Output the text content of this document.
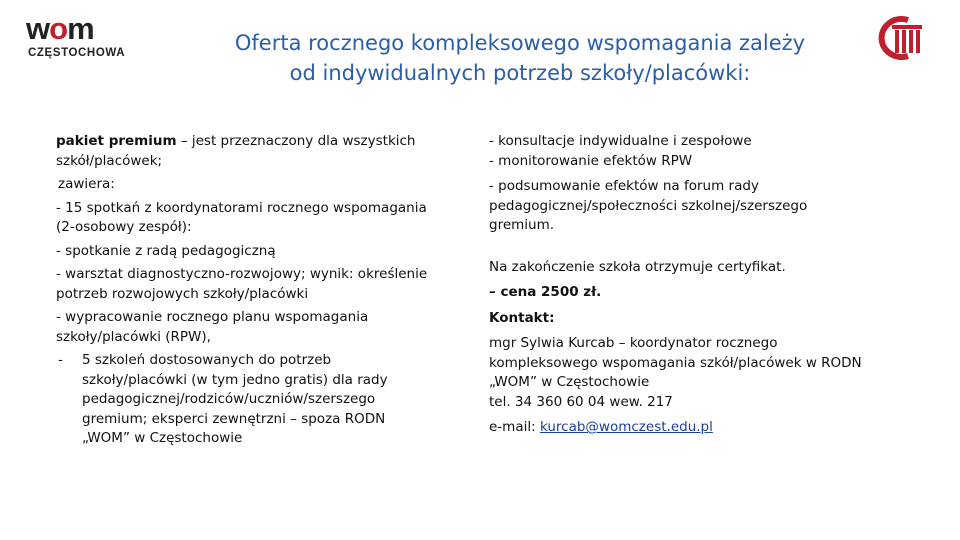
wom
CZĘSTOCHOWA	Oferta rocznego kompleksowego wspomagania zależy
od indywidualnych potrzeb szkoły/placówki:

pakiet premium – jest przeznaczony dla wszystkich

szkół/placówek;

zawiera:

- 15 spotkań z koordynatorami rocznego wspomagania

(2-osobowy zespół):

- spotkanie z radą pedagogiczną

- warsztat diagnostyczno-rozwojowy; wynik: określenie

potrzeb rozwojowych szkoły/placówki

- wypracowanie rocznego planu wspomagania

szkoły/placówki (RPW),

- 5 szkoleń dostosowanych do potrzeb

szkoły/placówki (w tym jedno gratis) dla rady

pedagogicznej/rodziców/uczniów/szerszego

gremium; eksperci zewnętrzni – spoza RODN

„WOM” w Częstochowie

- konsultacje indywidualne i zespołowe

- monitorowanie efektów RPW

- podsumowanie efektów na forum rady

pedagogicznej/społeczności szkolnej/szerszego

gremium.

Na zakończenie szkoła otrzymuje certyfikat.

– cena 2500 zł.

Kontakt:

mgr Sylwia Kurcab – koordynator rocznego

kompleksowego wspomagania szkół/placówek w RODN

„WOM” w Częstochowie

tel. 34 360 60 04 wew. 217

e-mail: kurcab@womczest.edu.pl
